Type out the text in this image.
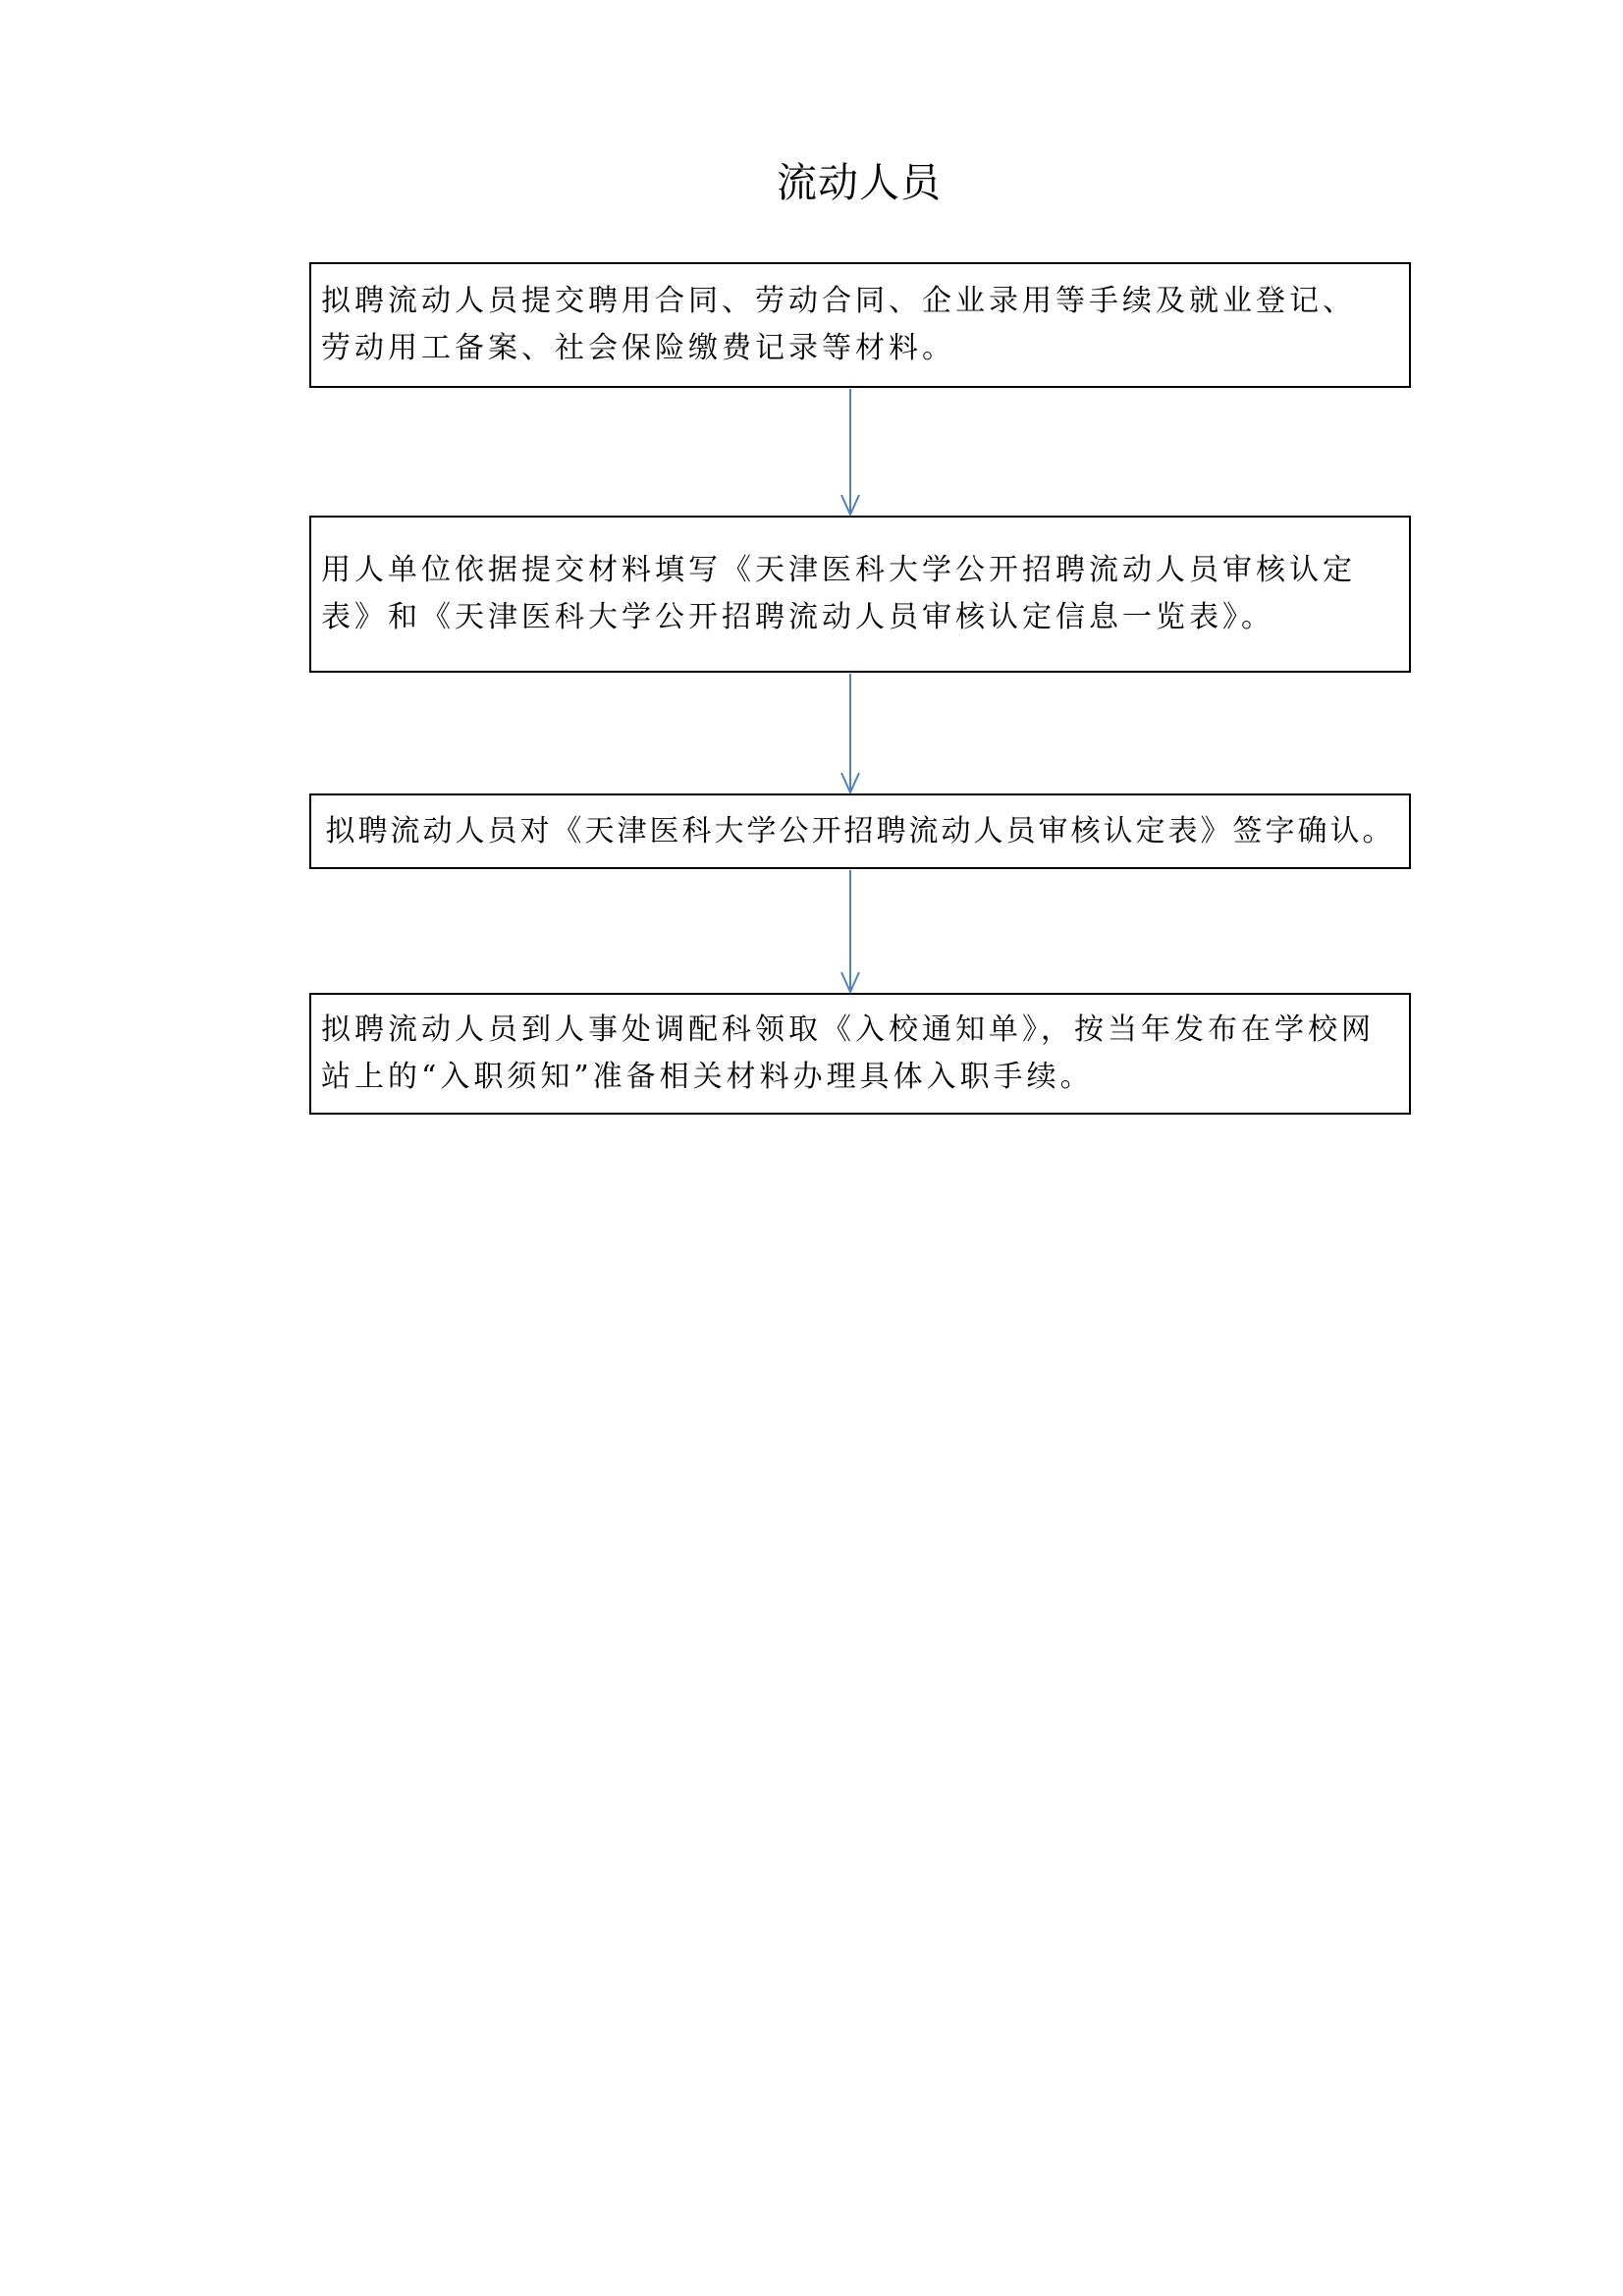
流动人员
拟聘流动人员提交聘用合同、劳动合同、企业录用等手续及就业登记、劳动用工备案、社会保险缴费记录等材料。
用人单位依据提交材料填写《天津医科大学公开招聘流动人员审核认定表》和《天津医科大学公开招聘流动人员审核认定信息一览表》。
拟聘流动人员对《天津医科大学公开招聘流动人员审核认定表》签字确认。
拟聘流动人员到人事处调配科领取《入校通知单》，按当年发布在学校网站上的“入职须知”准备相关材料办理具体入职手续。
